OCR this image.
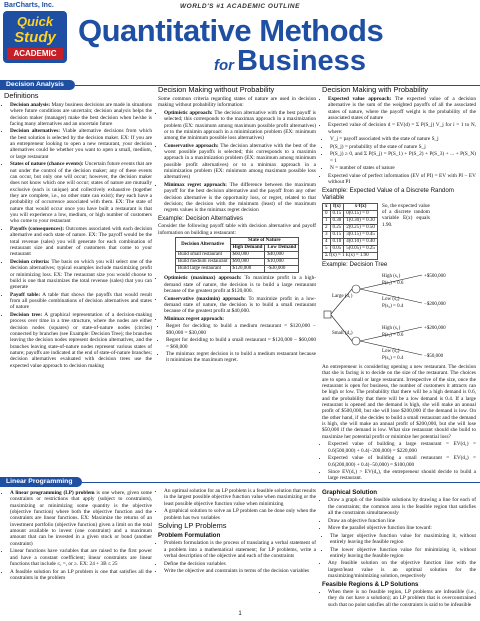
BarCharts, Inc.
Quick
Study
ACADEMIC
WORLD'S #1 ACADEMIC OUTLINE
Quantitative Methods
for Business
Decision Analysis
Definitions
• Decision analysis: Many business decisions are made in situations where future conditions are uncertain; decision analysis helps the decision maker (manager) make the best decision when he/she is facing many alternatives and an uncertain future
• Decision alternatives: Viable alternative decisions from which the best solution is selected by the decision maker. EX: If you are an entrepreneur looking to open a new restaurant, your decision alternatives could be whether you want to open a small, medium, or large restaurant
• States of nature (chance events): Uncertain future events that are not under the control of the decision maker; any of these events can occur, but only one will occur; however, the decision maker does not know which one will occur; states of nature are mutually exclusive (each is unique) and collectively exhaustive (together they are complete, i.e., no other state can exist); they each have a probability of occurrence associated with them. EX: The state of nature that would occur once you have built a restaurant is that you will experience a low, medium, or high number of customers who come to your restaurant
• Payoffs (consequences): Outcomes associated with each decision alternative and each state of nature. EX: The payoff would be the total revenue (sales) you will generate for each combination of restaurant size and number of customers that come to your restaurant
• Decision criteria: The basis on which you will select one of the decision alternatives; typical examples include maximizing profit or minimizing loss. EX: The restaurant size you would choose to build is one that maximizes the total revenue (sales) that you can generate
• Payoff table: A table that shows the payoffs that would result from all possible combinations of decision alternatives and states of nature
• Decision tree: A graphical representation of a decision-making process over time in a tree structure, where the nodes are either decision nodes (squares) or state-of-nature nodes (circles) connected by branches (see Example: Decision Tree); the branches leaving the decision nodes represent decision alternatives, and the branches leaving state-of-nature nodes represent various states of nature; payoffs are indicated at the end of state-of-nature branches; decision alternatives evaluated with decision trees use the expected value approach to decision making
Decision Making without Probability

Some common criteria regarding states of nature are used in decision making without probability information:

• Optimistic approach: The decision alternative with the best payoff is selected; this corresponds to the maximax approach in a maximization problem (EX: maximum among maximum possible profit alternatives) or to the minimin approach in a minimization problem (EX: minimum among the minimum possible loss alternatives)
• Conservative approach: The decision alternative with the best of the worst possible payoffs is selected; this corresponds to a maximin approach in a maximization problem (EX: maximum among minimum possible profit alternatives) or to a minimax approach in a minimization problem (EX: minimum among maximum possible loss alternatives)
• Minimax regret approach: The difference between the maximum payoff for the best decision alternative and the payoff from any other decision alternative is the opportunity loss, or regret, related to that decision; the decision with the minimum (least) of the maximum regrets values is the minimax regret decision
Example: Decision Alternatives

Consider the following payoff table with decision alternative and payoff information on building a restaurant:

Decision Alternative	State of Nature	
	High Demand	Low Demand
Build small restaurant	$60,000	$40,000
Build medium restaurant	$90,000	$10,000
Build large restaurant	$120,000	-$30,000
• Optimistic (maximax) approach: To maximize profit in a high-demand state of nature, the decision is to build a large restaurant because of the greatest profit at $120,000.
• Conservative (maximin) approach: To maximize profit in a low-demand state of nature, the decision is to build a small restaurant because of the greatest profit at $40,000.
• Minimax regret approach:
• Regret for deciding to build a medium restaurant = $120,000 − $90,000 = $30,000
• Regret for deciding to build a small restaurant = $120,000 − $60,000 = $60,000
• The minimax regret decision is to build a medium restaurant because it minimizes the maximum regret.
Decision Making with Probability
• Expected value approach: The expected value of a decision alternative is the sum of the weighted payoffs of all the associated states of nature, where the payoff weight is the probability of the associated states of nature
• Expected value of decision d = EV(d) = Σ P(S_j) V_j for i = 1 to N, where:
• V_j = payoff associated with the state of nature S_j
• P(S_j) = probability of the state of nature S_j
• P(S_j) ≥ 0, and Σ P(S_j) = P(S_1) + P(S_2) + P(S_3) + ... + P(S_N) = 1
• N = number of states of nature
• Expected value of perfect information (EV of PI) = EV with PI − EV without PI
Example: Expected Value of a Discrete Random Variable
x	f(x)	x·f(x)
0	0.15	0(0.15) = 0
1	0.30	1(0.30) = 0.30
2	0.25	2(0.25) = 0.50
3	0.15	3(0.15) = 0.45
4	0.10	4(0.10) = 0.40
5	0.05	5(0.05) = 0.25
Σ f(x) = 1 E(x) = 1.90		

So, the expected value of a discrete random variable E(x) equals 1.90.

Example: Decision Tree
Large (d₁)
Small (d₂)
High (s₁)
P(s₁) = 0.6
Low (s₂)
P(s₂) = 0.4
High (s₁)
P(s₁) = 0.6
Low (s₂)
P(s₂) = 0.4
+$500,000
−$200,000
+$200,000
−$50,000

An entrepreneur is considering opening a new restaurant. The decision that she is facing is to decide on the size of the restaurant. The choices are to open a small or large restaurant. Irrespective of the size, once the restaurant is open for business, the number of customers it attracts can be high or low. The probability that there will be a high demand is 0.6, and the probability that there will be a low demand is 0.4. If a large restaurant is opened and the demand is high, she will make an annual profit of $500,000, but she will lose $200,000 if the demand is low. On the other hand, if she decides to build a small restaurant and the demand is high, she will make an annual profit of $200,000, but she will lose $50,000 if the demand is low. What size restaurant should she build to maximize her potential profit or minimize her potential loss?

• Expected value of building a large restaurant = EV(d₁) = 0.6(500,000) + 0.4(−200,000) = $220,000
• Expected value of building a small restaurant = EV(d₂) = 0.6(200,000) + 0.4(−50,000) = $100,000
• Since EV(d₁) > EV(d₂), the entrepreneur should decide to build a large restaurant.
Linear Programming
• A linear programming (LP) problem is one where, given some constraints or restrictions that apply (subject to constraints), maximizing or minimizing some quantity is the objective (objective function) where both the objective function and the constraints are linear functions. EX: Maximize the returns of an investment portfolio (objective function) given a limit on the total amount available to invest (one constraint) and a maximum amount that can be invested in a given stock or bond (another constraint)
• Linear functions have variables that are raised to the first power and have a constant coefficient; linear constraints are linear functions that include ≤, =, or ≥. EX: 24 + 3B ≤ 25
• A feasible solution for an LP problem is one that satisfies all the constraints in the problem
• An optimal solution for an LP problem is a feasible solution that results in the largest possible objective function value when maximizing or the least possible objective function value when minimizing
• A graphical solution to solve an LP problem can be done only when the problem has two variables
Solving LP Problems
Problem Formulation
• Problem formulation is the process of translating a verbal statement of a problem into a mathematical statement; for LP problems, write a verbal description of the objective and each of the constraints
• Define the decision variables
• Write the objective and constraints in terms of the decision variables
Graphical Solution
• Draw a graph of the feasible solutions by drawing a line for each of the constraints; the common area is the feasible region that satisfies all the constraints simultaneously
• Draw an objective function line
• Move the parallel objective function line toward:
• The larger objective function value for maximizing it, without entirely leaving the feasible region
• The lower objective function value for minimizing it, without entirely leaving the feasible region
• Any feasible solution on the objective function line with the largest/least value is an optimal solution for the maximizing/minimizing solution, respectively
Feasible Regions & LP Solutions
• When there is no feasible region, LP problems are infeasible (i.e., they do not have a solution); an LP problem that is overconstrained such that no point satisfies all the constraints is said to be infeasible
1
